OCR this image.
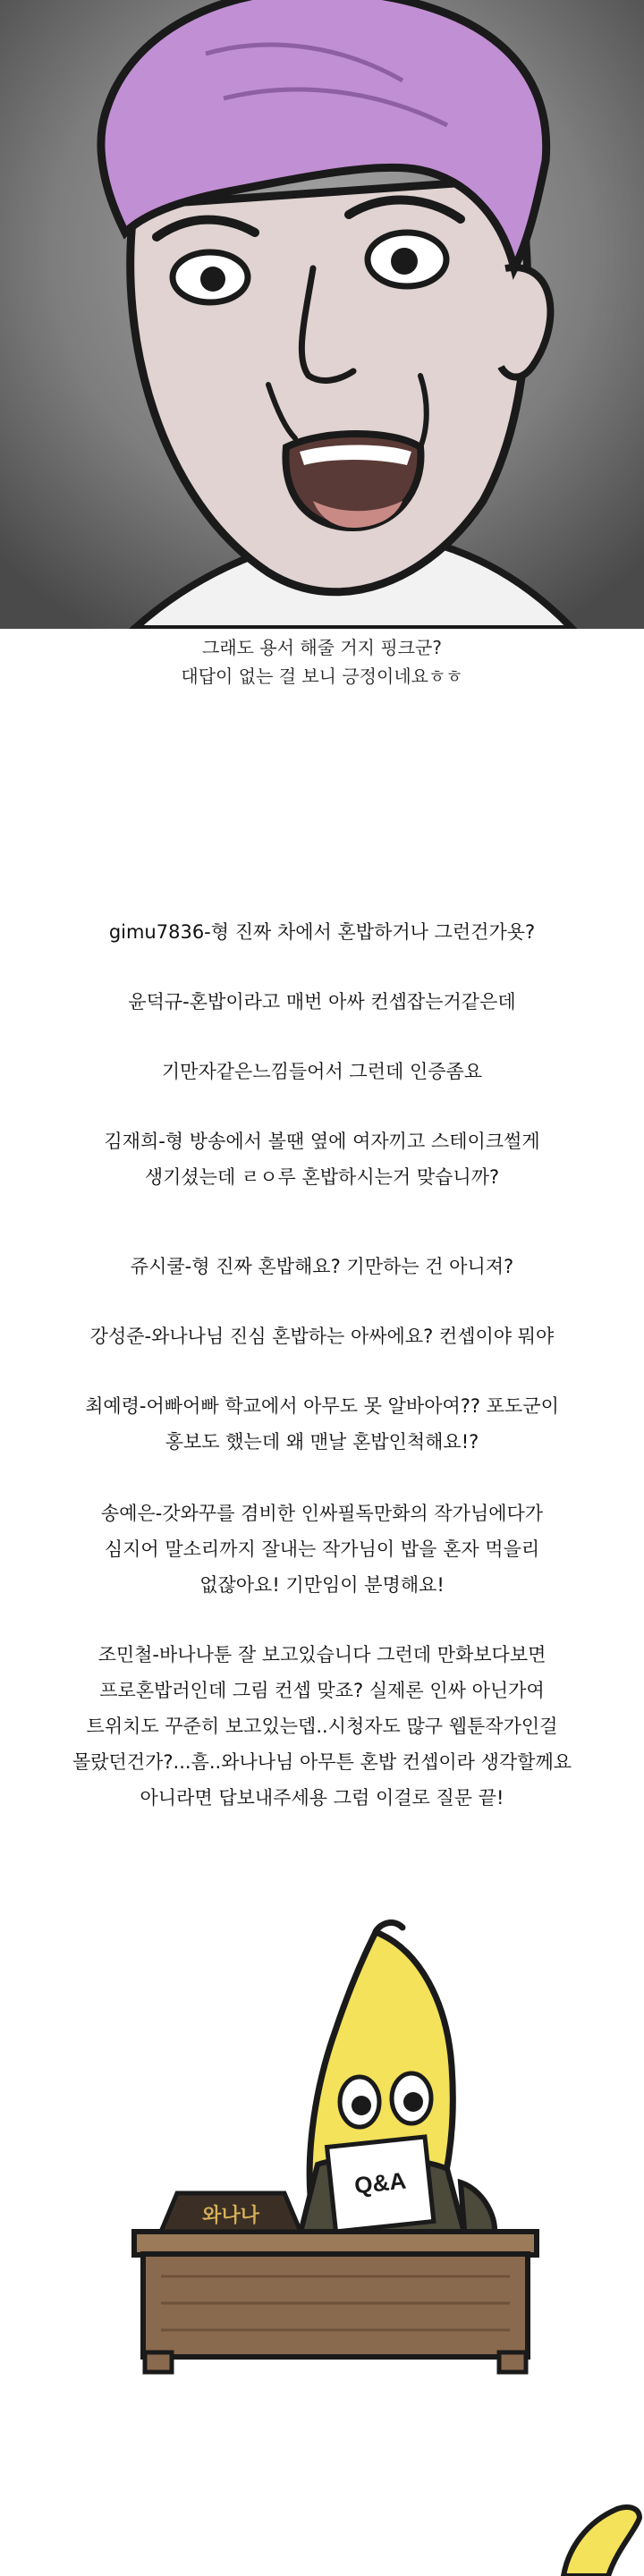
그래도 용서 해줄 거지 핑크군?

대답이 없는 걸 보니 긍정이네요ㅎㅎ

gimu7836-형 진짜 차에서 혼밥하거나 그런건가욧?

윤덕규-혼밥이라고 매번 아싸 컨셉잡는거같은데

기만자같은느낌들어서 그런데 인증좀요

김재희-형 방송에서 볼땐 옆에 여자끼고 스테이크썰게

생기셨는데 ㄹㅇ루 혼밥하시는거 맞습니까?

쥬시쿨-형 진짜 혼밥해요? 기만하는 건 아니져?

강성준-와나나님 진심 혼밥하는 아싸에요? 컨셉이야 뭐야

최예령-어빠어빠 학교에서 아무도 못 알바아여?? 포도군이

홍보도 했는데 왜 맨날 혼밥인척해요!?

송예은-갓와꾸를 겸비한 인싸필독만화의 작가님에다가

심지어 말소리까지 잘내는 작가님이 밥을 혼자 먹을리

없잖아요! 기만임이 분명해요!

조민철-바나나툰 잘 보고있습니다 그런데 만화보다보면

프로혼밥러인데 그림 컨셉 맞죠? 실제론 인싸 아닌가여

트위치도 꾸준히 보고있는뎁..시청자도 많구 웹툰작가인걸

몰랐던건가?...흠..와나나님 아무튼 혼밥 컨셉이라 생각할께요

아니라면 답보내주세용 그럼 이걸로 질문 끝!

Q&A
와나나
